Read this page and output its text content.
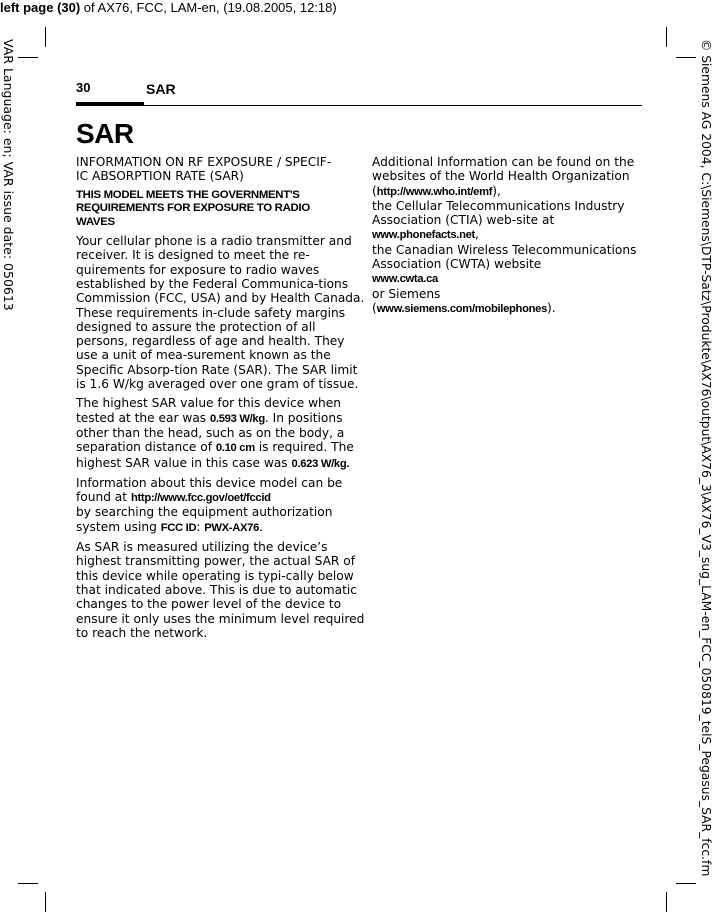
left page (30) of AX76, FCC, LAM-en, (19.08.2005, 12:18)
VAR Language: en; VAR issue date: 050613	© Siemens AG 2004, C:\Siemens\DTP-Satz\Produkte\AX76\output\AX76_3\AX76_V3_sug_LAM-en_FCC_050819_telS_Pegasus_SAR_fcc.fm
30	SAR
SAR

INFORMATION ON RF EXPOSURE / SPECIF-
IC ABSORPTION RATE (SAR)

THIS MODEL MEETS THE GOVERNMENT'S
REQUIREMENTS FOR EXPOSURE TO RADIO
WAVES

Your cellular phone is a radio transmitter and receiver. It is designed to meet the re-quirements for exposure to radio waves established by the Federal Communica-tions Commission (FCC, USA) and by Health Canada. These requirements in-clude safety margins designed to assure the protection of all persons, regardless of age and health. They use a unit of mea-surement known as the Specific Absorp-tion Rate (SAR). The SAR limit is 1.6 W/kg averaged over one gram of tissue.

The highest SAR value for this device when tested at the ear was 0.593 W/kg. In positions other than the head, such as on the body, a separation distance of 0.10 cm is required. The highest SAR value in this case was 0.623 W/kg.

Information about this device model can be found at http://www.fcc.gov/oet/fccid
by searching the equipment authorization system using FCC ID: PWX-AX76.

As SAR is measured utilizing the device’s highest transmitting power, the actual SAR of this device while operating is typi-cally below that indicated above. This is due to automatic changes to the power level of the device to ensure it only uses the minimum level required to reach the network.

Additional Information can be found on the websites of the World Health Organization (http://www.who.int/emf),
the Cellular Telecommunications Industry Association (CTIA) web-site at
www.phonefacts.net,
the Canadian Wireless Telecommunications Association (CWTA) website
www.cwta.ca
or Siemens
(www.siemens.com/mobilephones).
